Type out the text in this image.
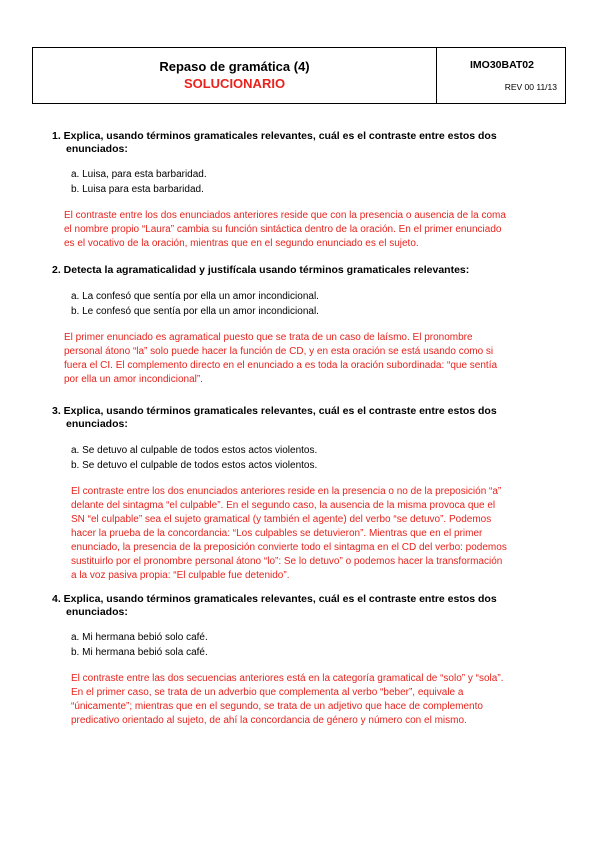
Repaso de gramática (4)
SOLUCIONARIO
IMO30BAT02
REV 00 11/13
1. Explica, usando términos gramaticales relevantes, cuál es el contraste entre estos dos
enunciados:
a. Luisa, para esta barbaridad.
b. Luisa para esta barbaridad.
El contraste entre los dos enunciados anteriores reside que con la presencia o ausencia de la coma
el nombre propio “Laura” cambia su función sintáctica dentro de la oración. En el primer enunciado
es el vocativo de la oración, mientras que en el segundo enunciado es el sujeto.
2. Detecta la agramaticalidad y justifícala usando términos gramaticales relevantes:
a. La confesó que sentía por ella un amor incondicional.
b. Le confesó que sentía por ella un amor incondicional.
El primer enunciado es agramatical puesto que se trata de un caso de laísmo. El pronombre
personal átono “la” solo puede hacer la función de CD, y en esta oración se está usando como si
fuera el CI. El complemento directo en el enunciado a es toda la oración subordinada: “que sentía
por ella un amor incondicional”.
3. Explica, usando términos gramaticales relevantes, cuál es el contraste entre estos dos
enunciados:
a. Se detuvo al culpable de todos estos actos violentos.
b. Se detuvo el culpable de todos estos actos violentos.
El contraste entre los dos enunciados anteriores reside en la presencia o no de la preposición “a”
delante del sintagma “el culpable”. En el segundo caso, la ausencia de la misma provoca que el
SN “el culpable” sea el sujeto gramatical (y también el agente) del verbo “se detuvo”. Podemos
hacer la prueba de la concordancia: “Los culpables se detuvieron”. Mientras que en el primer
enunciado, la presencia de la preposición convierte todo el sintagma en el CD del verbo: podemos
sustituirlo por el pronombre personal átono “lo”: Se lo detuvo” o podemos hacer la transformación
a la voz pasiva propia: “El culpable fue detenido”.
4. Explica, usando términos gramaticales relevantes, cuál es el contraste entre estos dos
enunciados:
a. Mi hermana bebió solo café.
b. Mi hermana bebió sola café.
El contraste entre las dos secuencias anteriores está en la categoría gramatical de “solo” y “sola”.
En el primer caso, se trata de un adverbio que complementa al verbo “beber”, equivale a
“únicamente”; mientras que en el segundo, se trata de un adjetivo que hace de complemento
predicativo orientado al sujeto, de ahí la concordancia de género y número con el mismo.
